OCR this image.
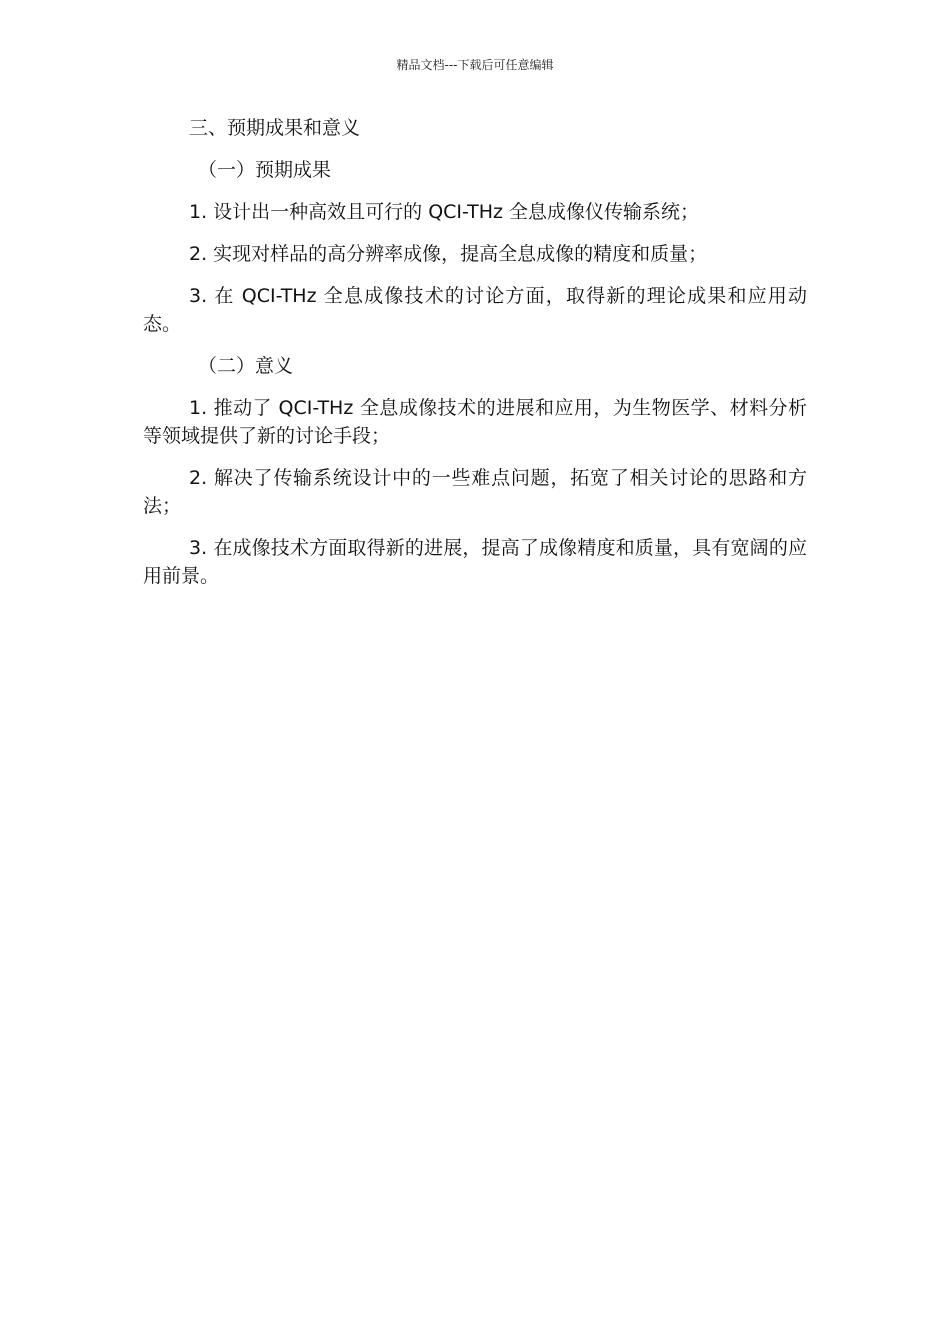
精品文档---下载后可任意编辑

三、预期成果和意义

（一）预期成果

1. 设计出一种高效且可行的 QCI-THz 全息成像仪传输系统；

2. 实现对样品的高分辨率成像，提高全息成像的精度和质量；

3. 在 QCI-THz 全息成像技术的讨论方面，取得新的理论成果和应用动态。

（二）意义

1. 推动了 QCI-THz 全息成像技术的进展和应用，为生物医学、材料分析等领域提供了新的讨论手段；

2. 解决了传输系统设计中的一些难点问题，拓宽了相关讨论的思路和方法；

3. 在成像技术方面取得新的进展，提高了成像精度和质量，具有宽阔的应用前景。
